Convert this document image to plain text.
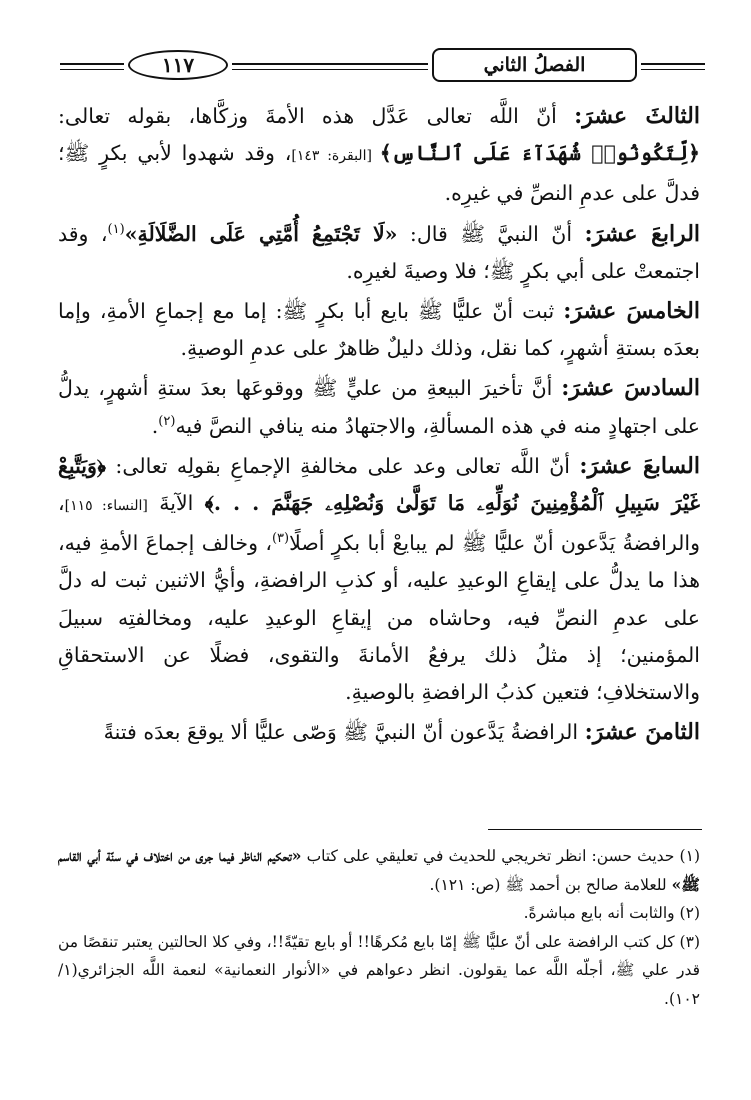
١١٧	الفصلُ الثاني

الثالثَ عشرَ: أنّ اللَّه تعالى عَدَّل هذه الأمةَ وزكَّاها، بقوله تعالى: ﴿لِّتَكُونُوا۟ شُهَدَآءَ عَلَى ٱلنَّاسِ﴾ [البقرة: ١٤٣]، وقد شهدوا لأبي بكرٍ ﷺ؛ فدلَّ على عدمِ النصِّ في غيرِه.

الرابعَ عشرَ: أنّ النبيَّ ﷺ قال: «لَا تَجْتَمِعُ أُمَّتِي عَلَى الضَّلَالَةِ»$^{(١)}$، وقد اجتمعتْ على أبي بكرٍ ﷺ؛ فلا وصيةَ لغيرِه.

الخامسَ عشرَ: ثبت أنّ عليًّا ﷺ بايع أبا بكرٍ ﷺ: إما مع إجماعِ الأمةِ، وإما بعدَه بستةِ أشهرٍ، كما نقل، وذلك دليلٌ ظاهرٌ على عدمِ الوصيةِ.

السادسَ عشرَ: أنَّ تأخيرَ البيعةِ من عليٍّ ﷺ ووقوعَها بعدَ ستةِ أشهرٍ، يدلُّ على اجتهادٍ منه في هذه المسألةِ، والاجتهادُ منه ينافي النصَّ فيه$^{(٢)}$.

السابعَ عشرَ: أنّ اللَّه تعالى وعد على مخالفةِ الإجماعِ بقولِه تعالى: ﴿وَيَتَّبِعْ غَيْرَ سَبِيلِ ٱلْمُؤْمِنِينَ نُوَلِّهِۦ مَا تَوَلَّىٰ وَنُصْلِهِۦ جَهَنَّمَ . . .﴾ الآيةَ [النساء: ١١٥]، والرافضةُ يَدَّعون أنّ عليًّا ﷺ لم يبايعْ أبا بكرٍ أصلًا$^{(٣)}$، وخالف إجماعَ الأمةِ فيه، هذا ما يدلُّ على إيقاعِ الوعيدِ عليه، أو كذبِ الرافضةِ، وأيُّ الاثنين ثبت له دلَّ على عدمِ النصِّ فيه، وحاشاه من إيقاعِ الوعيدِ عليه، ومخالفتِه سبيلَ المؤمنين؛ إذ مثلُ ذلك يرفعُ الأمانةَ والتقوى، فضلًا عن الاستحقاقِ والاستخلافِ؛ فتعين كذبُ الرافضةِ بالوصيةِ.

الثامنَ عشرَ: الرافضةُ يَدَّعون أنّ النبيَّ ﷺ وَصّى عليًّا ألا يوقعَ بعدَه فتنةً

(١) حديث حسن: انظر تخريجي للحديث في تعليقي على كتاب «تحكيم الناظر فيما جرى من اختلاف في سنّة أبي القاسم ﷺ» للعلامة صالح بن أحمد ﷺ (ص: ١٢١).

(٢) والثابت أنه بايع مباشرةً.

(٣) كل كتب الرافضة على أنّ عليًّا ﷺ إمّا بايع مُكرهًا!! أو بايع تقيّةً!!، وفي كلا الحالتين يعتبر تنقصًا من قدر علي ﷺ، أجلّه اللَّه عما يقولون. انظر دعواهم في «الأنوار النعمانية» لنعمة اللَّه الجزائري(١/ ١٠٢).
